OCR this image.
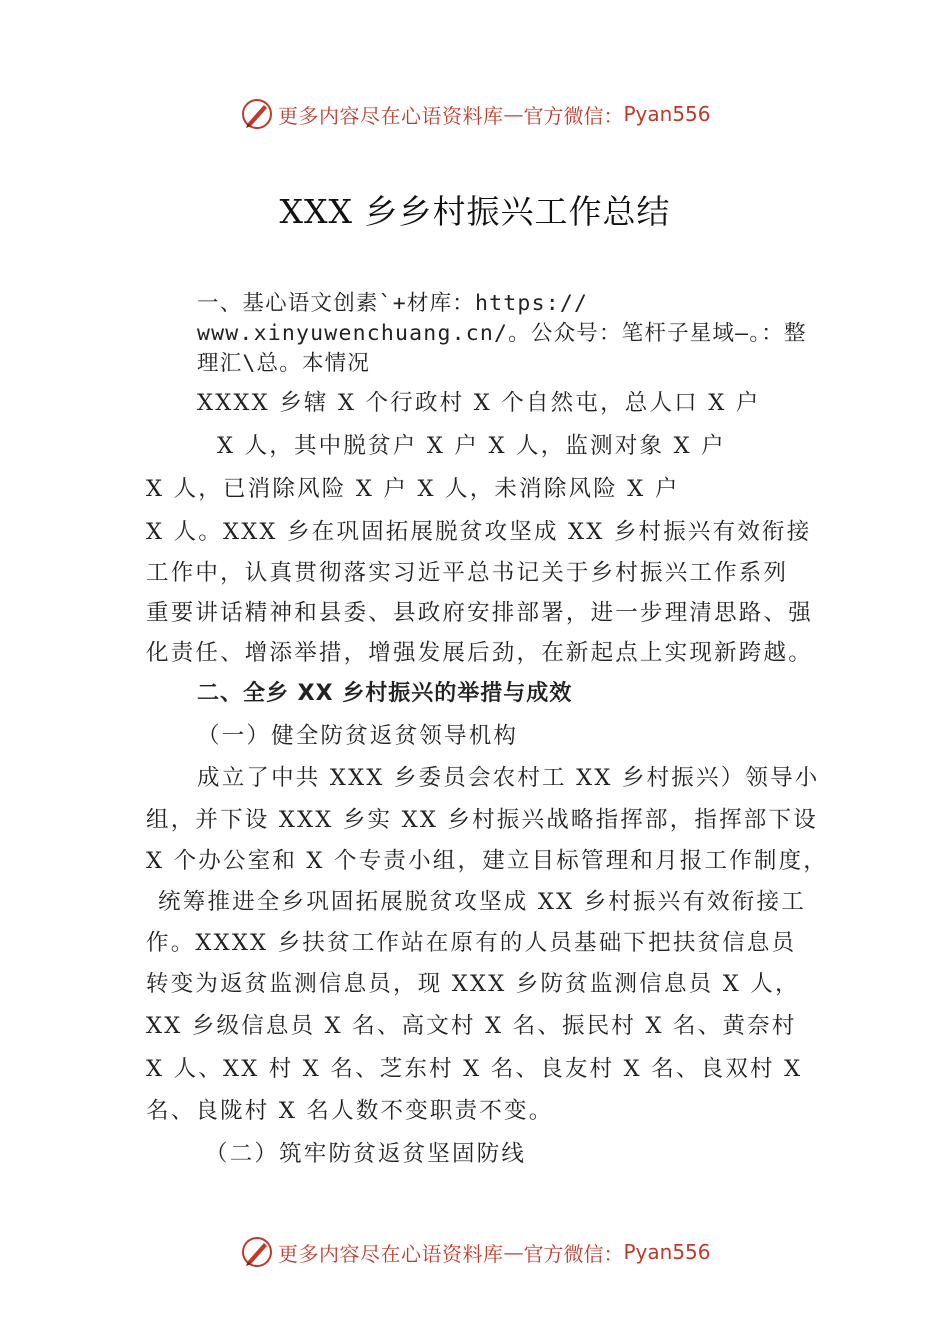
更多内容尽在心语资料库 — 官方微信： Pyan556
XXX 乡乡村振兴工作总结
一、基心语文创素`+材库：https://
www.xinyuwenchuang.cn/。公众号：笔杆子星域—。：整
理汇\总。本情况
XXXX 乡辖 X 个行政村 X 个自然屯，总人口 X 户
X 人，其中脱贫户 X 户 X 人，监测对象 X 户
X 人，已消除风险 X 户 X 人，未消除风险 X 户
X 人。XXX 乡在巩固拓展脱贫攻坚成 XX 乡村振兴有效衔接
工作中，认真贯彻落实习近平总书记关于乡村振兴工作系列
重要讲话精神和县委、县政府安排部署，进一步理清思路、强
化责任、增添举措，增强发展后劲，在新起点上实现新跨越。
二、全乡 XX 乡村振兴的举措与成效
（一）健全防贫返贫领导机构
成立了中共 XXX 乡委员会农村工 XX 乡村振兴）领导小
组，并下设 XXX 乡实 XX 乡村振兴战略指挥部，指挥部下设
X 个办公室和 X 个专责小组，建立目标管理和月报工作制度，
统筹推进全乡巩固拓展脱贫攻坚成 XX 乡村振兴有效衔接工
作。XXXX 乡扶贫工作站在原有的人员基础下把扶贫信息员
转变为返贫监测信息员，现 XXX 乡防贫监测信息员 X 人，
XX 乡级信息员 X 名、高文村 X 名、振民村 X 名、黄奈村
X 人、XX 村 X 名、芝东村 X 名、良友村 X 名、良双村 X
名、良陇村 X 名人数不变职责不变。
（二）筑牢防贫返贫坚固防线
更多内容尽在心语资料库 — 官方微信： Pyan556
